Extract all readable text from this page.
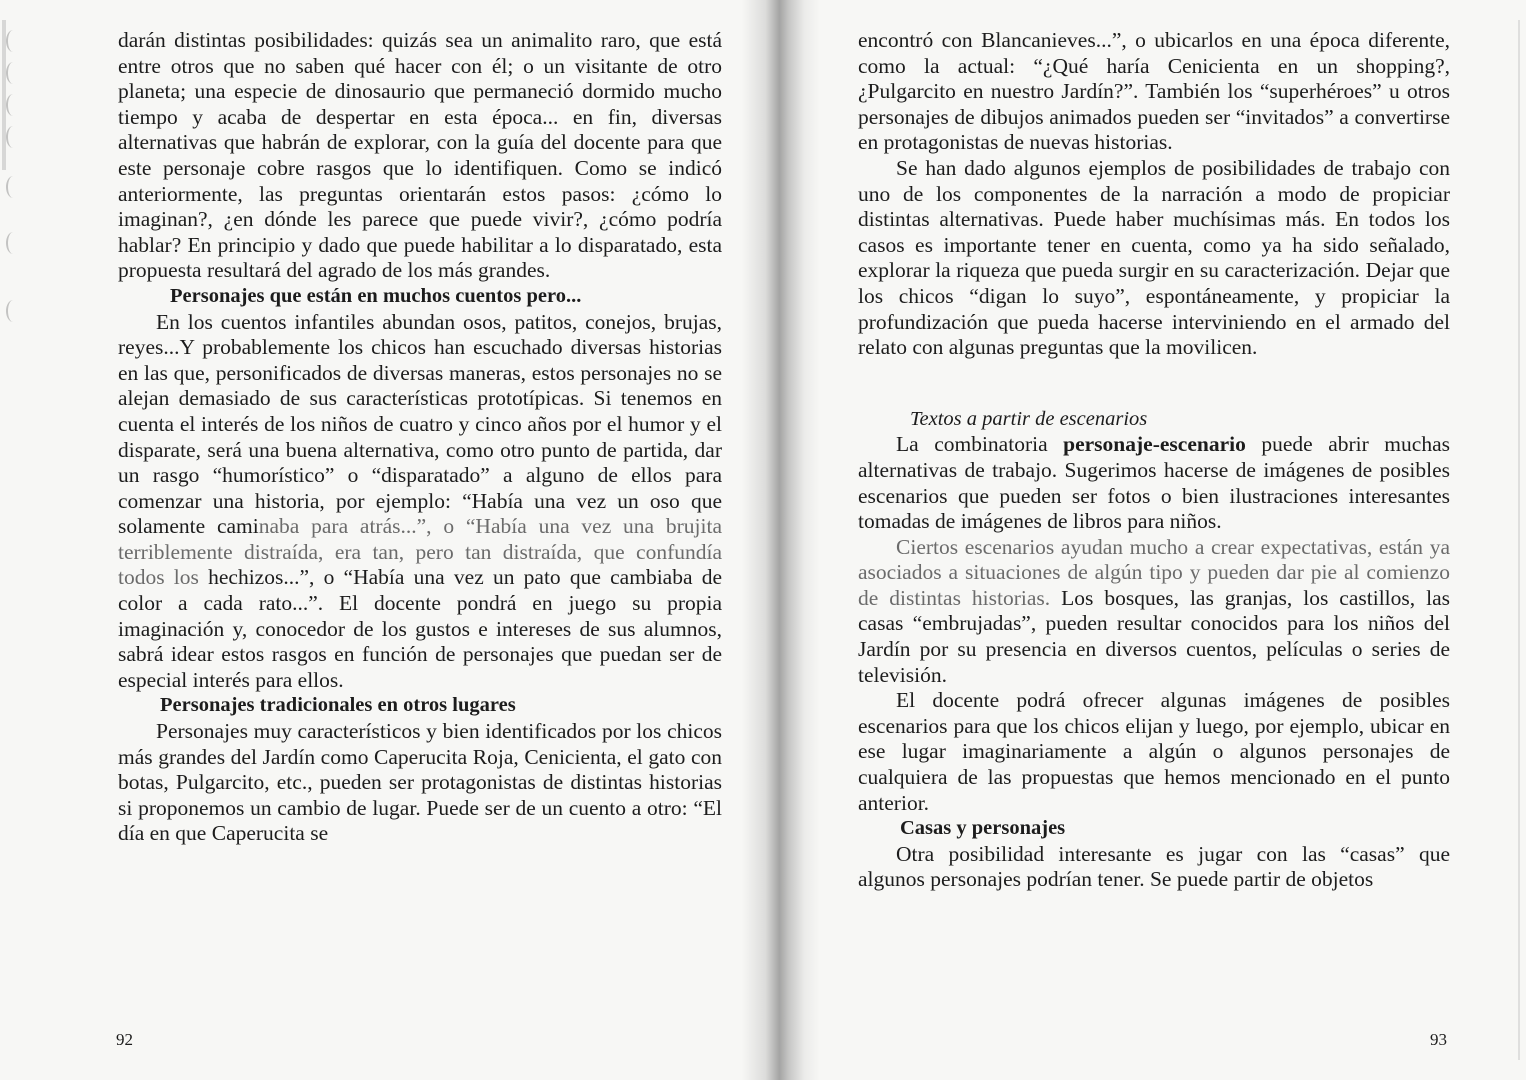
darán distintas posibilidades: quizás sea un animalito raro, que está entre otros que no saben qué hacer con él; o un visitante de otro planeta; una especie de dinosaurio que permaneció dormido mucho tiempo y acaba de despertar en esta época... en fin, diversas alternativas que habrán de explorar, con la guía del docente para que este personaje cobre rasgos que lo identifiquen. Como se indicó anteriormente, las preguntas orientarán estos pasos: ¿cómo lo imaginan?, ¿en dónde les parece que puede vivir?, ¿cómo podría hablar? En principio y dado que puede habilitar a lo disparatado, esta propuesta resultará del agrado de los más grandes.

Personajes que están en muchos cuentos pero...

En los cuentos infantiles abundan osos, patitos, conejos, brujas, reyes...Y probablemente los chicos han escuchado diversas historias en las que, personificados de diversas maneras, estos personajes no se alejan demasiado de sus características prototípicas. Si tenemos en cuenta el interés de los niños de cuatro y cinco años por el humor y el disparate, será una buena alternativa, como otro punto de partida, dar un rasgo “humorístico” o “disparatado” a alguno de ellos para comenzar una historia, por ejemplo: “Había una vez un oso que solamente caminaba para atrás...”, o “Había una vez una brujita terriblemente distraída, era tan, pero tan distraída, que confundía todos los hechizos...”, o “Había una vez un pato que cambiaba de color a cada rato...”. El docente pondrá en juego su propia imaginación y, conocedor de los gustos e intereses de sus alumnos, sabrá idear estos rasgos en función de personajes que puedan ser de especial interés para ellos.

Personajes tradicionales en otros lugares

Personajes muy característicos y bien identificados por los chicos más grandes del Jardín como Caperucita Roja, Cenicienta, el gato con botas, Pulgarcito, etc., pueden ser protagonistas de distintas historias si proponemos un cambio de lugar. Puede ser de un cuento a otro: “El día en que Caperucita se

92

encontró con Blancanieves...”, o ubicarlos en una época diferente, como la actual: “¿Qué haría Cenicienta en un shopping?, ¿Pulgarcito en nuestro Jardín?”. También los “superhéroes” u otros personajes de dibujos animados pueden ser “invitados” a convertirse en protagonistas de nuevas historias.

Se han dado algunos ejemplos de posibilidades de trabajo con uno de los componentes de la narración a modo de propiciar distintas alternativas. Puede haber muchísimas más. En todos los casos es importante tener en cuenta, como ya ha sido señalado, explorar la riqueza que pueda surgir en su caracterización. Dejar que los chicos “digan lo suyo”, espontáneamente, y propiciar la profundización que pueda hacerse interviniendo en el armado del relato con algunas preguntas que la movilicen.

Textos a partir de escenarios

La combinatoria personaje-escenario puede abrir muchas alternativas de trabajo. Sugerimos hacerse de imágenes de posibles escenarios que pueden ser fotos o bien ilustraciones interesantes tomadas de imágenes de libros para niños.

Ciertos escenarios ayudan mucho a crear expectativas, están ya asociados a situaciones de algún tipo y pueden dar pie al comienzo de distintas historias. Los bosques, las granjas, los castillos, las casas “embrujadas”, pueden resultar conocidos para los niños del Jardín por su presencia en diversos cuentos, películas o series de televisión.

El docente podrá ofrecer algunas imágenes de posibles escenarios para que los chicos elijan y luego, por ejemplo, ubicar en ese lugar imaginariamente a algún o algunos personajes de cualquiera de las propuestas que hemos mencionado en el punto anterior.

Casas y personajes

Otra posibilidad interesante es jugar con las “casas” que algunos personajes podrían tener. Se puede partir de objetos

93
